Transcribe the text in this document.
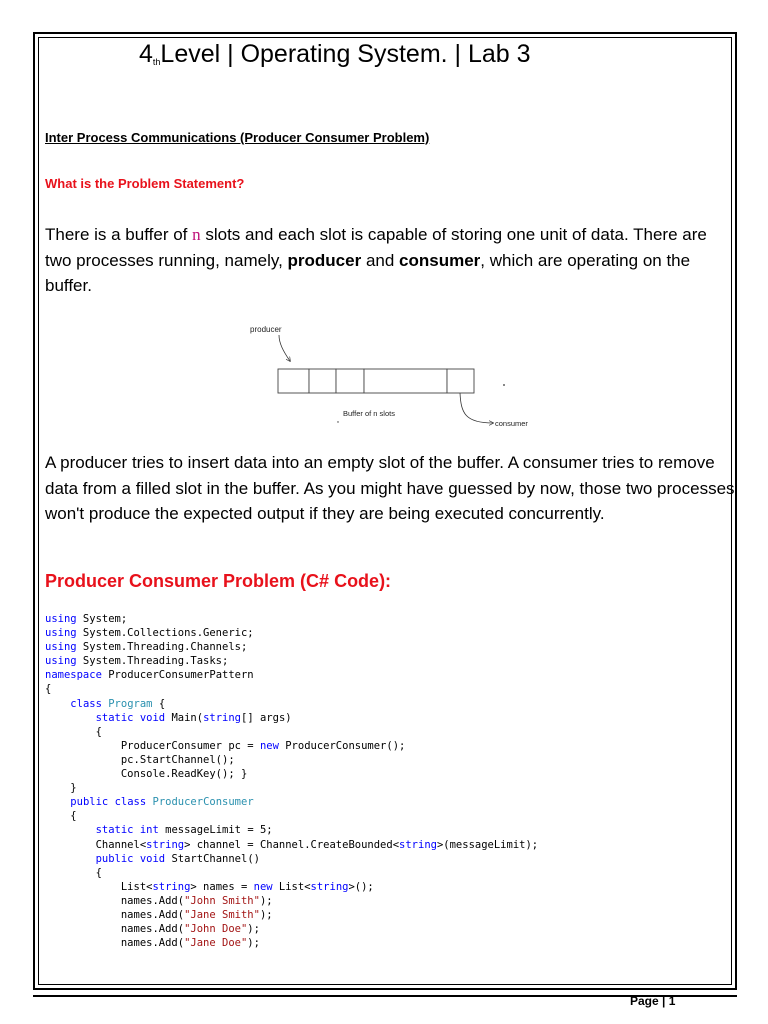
$4_{th}Level$ | Operating System. | Lab 3
Inter Process Communications (Producer Consumer Problem)
What is the Problem Statement?
There is a buffer of n slots and each slot is capable of storing one unit of data. There are two processes running, namely, producer and consumer, which are operating on the buffer.
producer
Buffer of n slots
consumer
A producer tries to insert data into an empty slot of the buffer. A consumer tries to remove data from a filled slot in the buffer. As you might have guessed by now, those two processes won't produce the expected output if they are being executed concurrently.
Producer Consumer Problem (C# Code):
using System;
using System.Collections.Generic;
using System.Threading.Channels;
using System.Threading.Tasks;
namespace ProducerConsumerPattern
{
class Program {
static void Main(string[] args)
{
ProducerConsumer pc = new ProducerConsumer();
pc.StartChannel();
Console.ReadKey(); }
}
public class ProducerConsumer
{
static int messageLimit = 5;
Channel<string> channel = Channel.CreateBounded<string>(messageLimit);
public void StartChannel()
{
List<string> names = new List<string>();
names.Add("John Smith");
names.Add("Jane Smith");
names.Add("John Doe");
names.Add("Jane Doe");
Page | 1
